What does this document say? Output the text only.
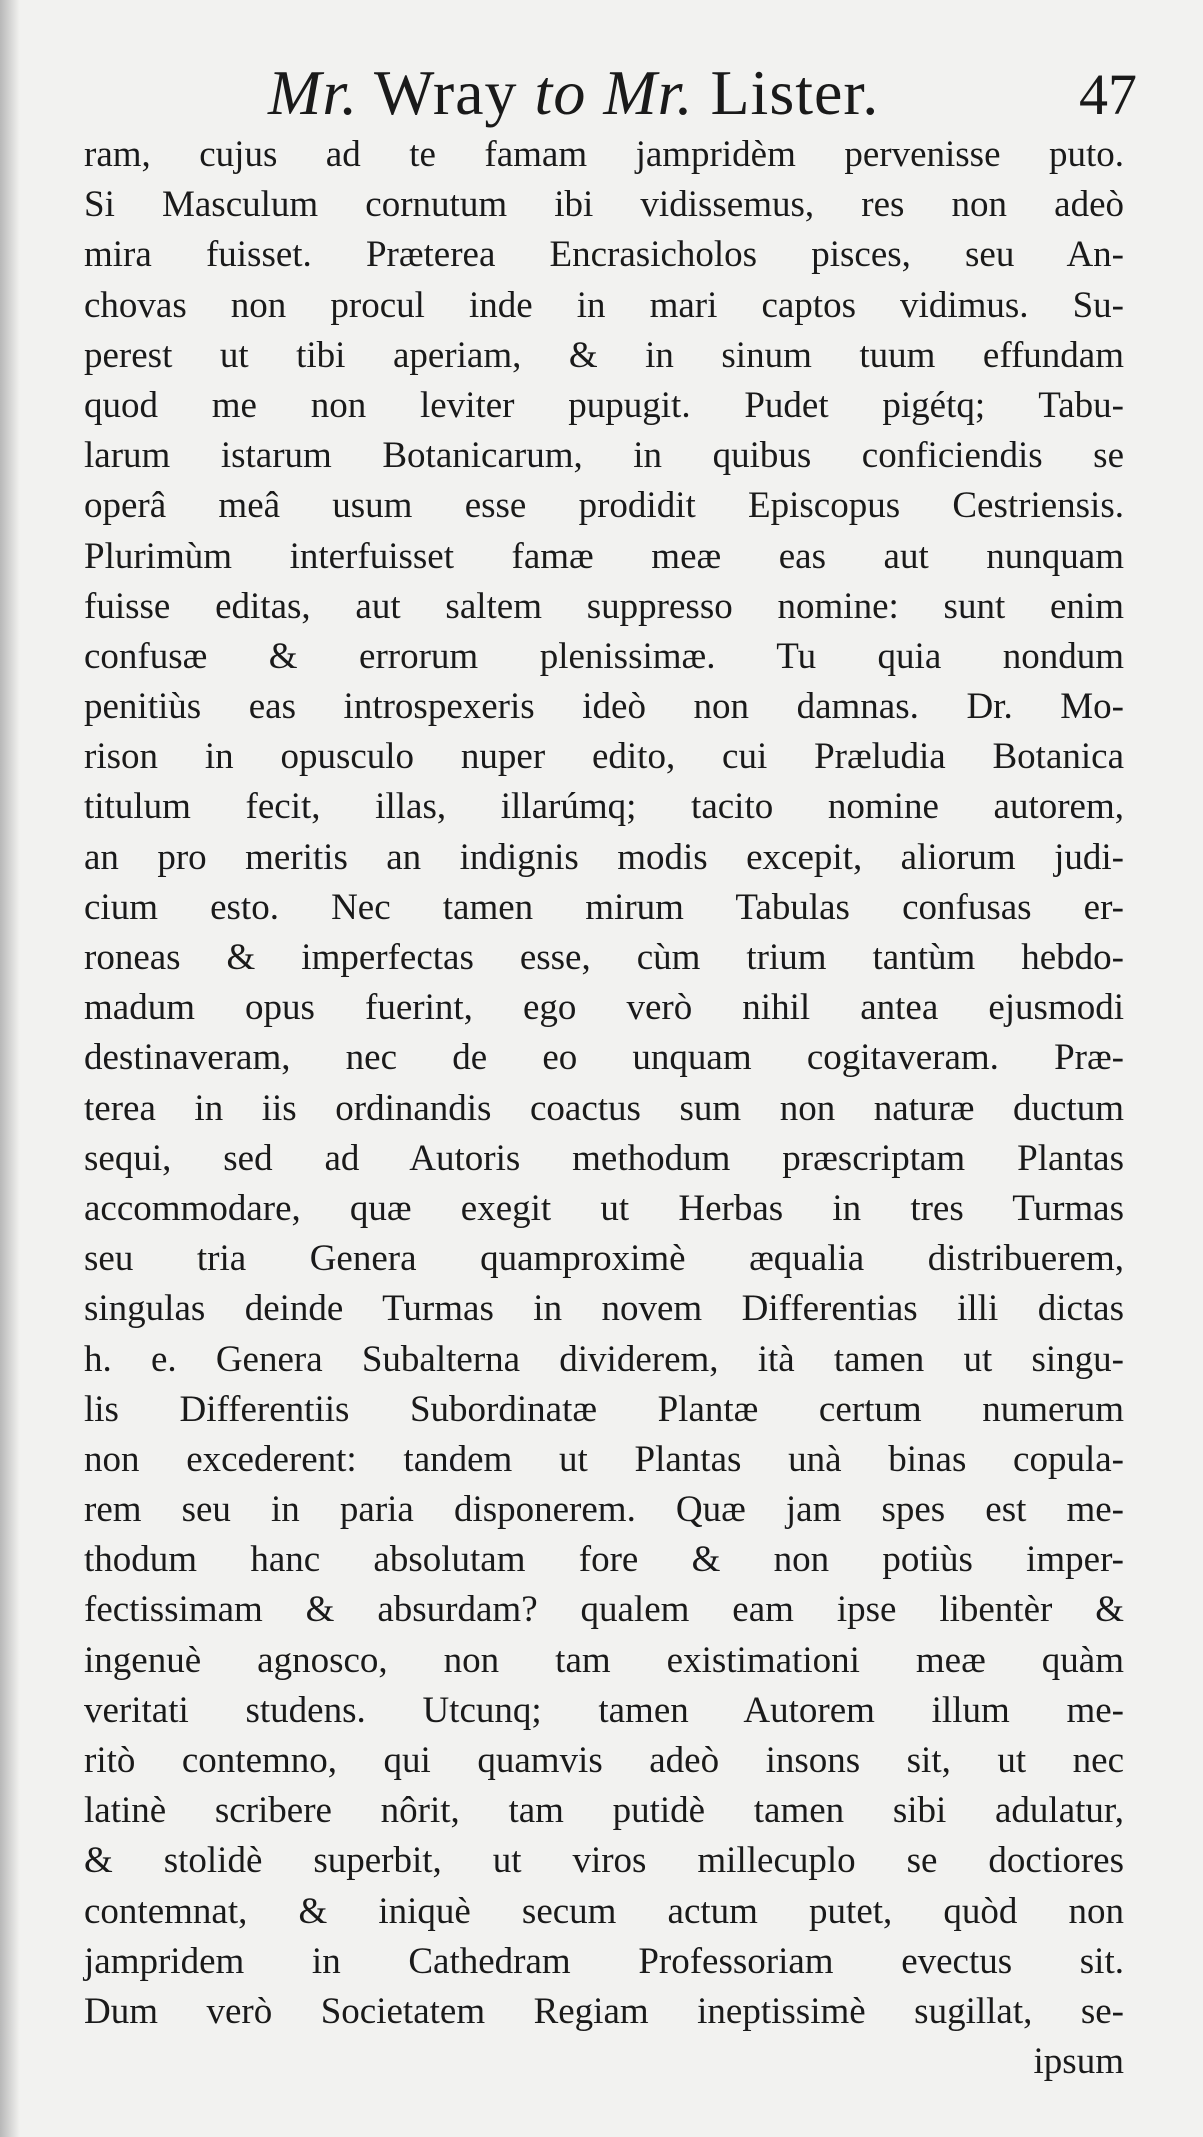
Mr. Wray to Mr. Lister.	47
ram, cujus ad te famam jampridèm pervenisse puto.
Si Masculum cornutum ibi vidissemus, res non adeò
mira fuisset. Præterea Encrasicholos pisces, seu An-
chovas non procul inde in mari captos vidimus. Su-
perest ut tibi aperiam, & in sinum tuum effundam
quod me non leviter pupugit. Pudet pigétq; Tabu-
larum istarum Botanicarum, in quibus conficiendis se
operâ meâ usum esse prodidit Episcopus Cestriensis.
Plurimùm interfuisset famæ meæ eas aut nunquam
fuisse editas, aut saltem suppresso nomine: sunt enim
confusæ & errorum plenissimæ. Tu quia nondum
penitiùs eas introspexeris ideò non damnas. Dr. Mo-
rison in opusculo nuper edito, cui Præludia Botanica
titulum fecit, illas, illarúmq; tacito nomine autorem,
an pro meritis an indignis modis excepit, aliorum judi-
cium esto. Nec tamen mirum Tabulas confusas er-
roneas & imperfectas esse, cùm trium tantùm hebdo-
madum opus fuerint, ego verò nihil antea ejusmodi
destinaveram, nec de eo unquam cogitaveram. Præ-
terea in iis ordinandis coactus sum non naturæ ductum
sequi, sed ad Autoris methodum præscriptam Plantas
accommodare, quæ exegit ut Herbas in tres Turmas
seu tria Genera quamproximè æqualia distribuerem,
singulas deinde Turmas in novem Differentias illi dictas
h. e. Genera Subalterna dividerem, ità tamen ut singu-
lis Differentiis Subordinatæ Plantæ certum numerum
non excederent: tandem ut Plantas unà binas copula-
rem seu in paria disponerem. Quæ jam spes est me-
thodum hanc absolutam fore & non potiùs imper-
fectissimam & absurdam? qualem eam ipse libentèr &
ingenuè agnosco, non tam existimationi meæ quàm
veritati studens. Utcunq; tamen Autorem illum me-
ritò contemno, qui quamvis adeò insons sit, ut nec
latinè scribere nôrit, tam putidè tamen sibi adulatur,
& stolidè superbit, ut viros millecuplo se doctiores
contemnat, & iniquè secum actum putet, quòd non
jampridem in Cathedram Professoriam evectus sit.
Dum verò Societatem Regiam ineptissimè sugillat, se-
ipsum
